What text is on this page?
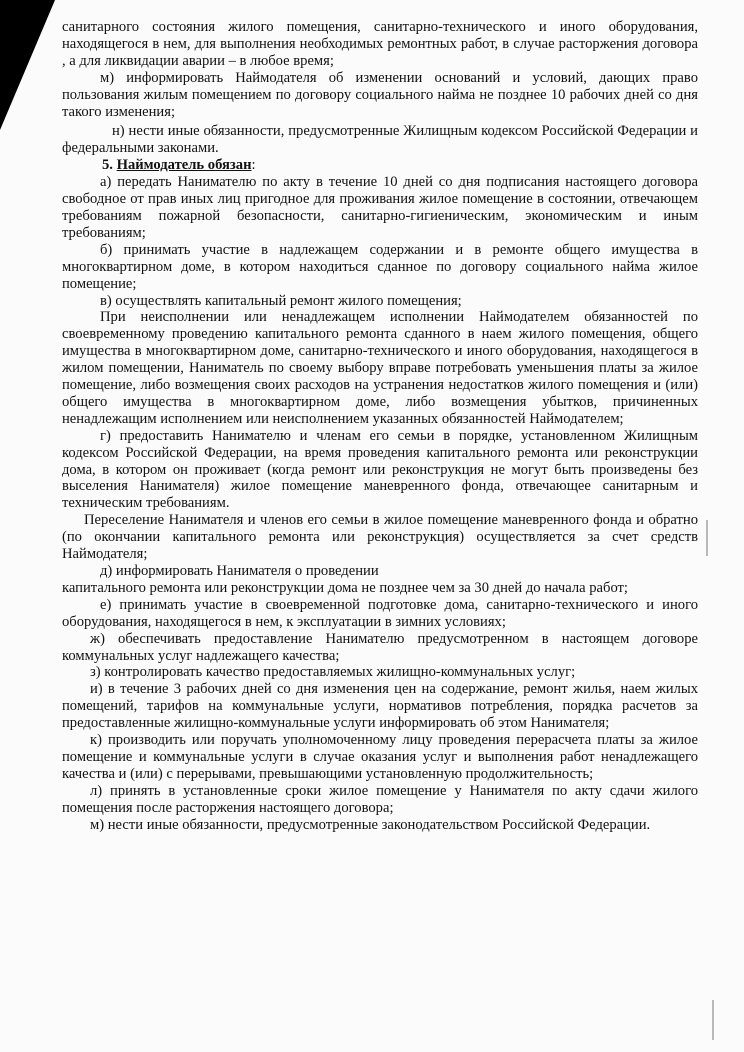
санитарного состояния жилого помещения, санитарно-технического и иного оборудования, находящегося в нем, для выполнения необходимых ремонтных работ, в случае расторжения договора , а для ликвидации аварии – в любое время;

м) информировать Наймодателя об изменении оснований и условий, дающих право пользования жилым помещением по договору социального найма не позднее 10 рабочих дней со дня такого изменения;

н) нести иные обязанности, предусмотренные Жилищным кодексом Российской Федерации и федеральными законами.

5. Наймодатель обязан:

а) передать Нанимателю по акту в течение 10 дней со дня подписания настоящего договора свободное от прав иных лиц пригодное для проживания жилое помещение в состоянии, отвечающем требованиям пожарной безопасности, санитарно-гигиеническим, экономическим и иным требованиям;

б) принимать участие в надлежащем содержании и в ремонте общего имущества в многоквартирном доме, в котором находиться сданное по договору социального найма жилое помещение;

в) осуществлять капитальный ремонт жилого помещения;

При неисполнении или ненадлежащем исполнении Наймодателем обязанностей по своевременному проведению капитального ремонта сданного в наем жилого помещения, общего имущества в многоквартирном доме, санитарно-технического и иного оборудования, находящегося в жилом помещении, Наниматель по своему выбору вправе потребовать уменьшения платы за жилое помещение, либо возмещения своих расходов на устранения недостатков жилого помещения и (или) общего имущества в многоквартирном доме, либо возмещения убытков, причиненных ненадлежащим исполнением или неисполнением указанных обязанностей Наймодателем;

г) предоставить Нанимателю и членам его семьи в порядке, установленном Жилищным кодексом Российской Федерации, на время проведения капитального ремонта или реконструкции дома, в котором он проживает (когда ремонт или реконструкция не могут быть произведены без выселения Нанимателя) жилое помещение маневренного фонда, отвечающее санитарным и техническим требованиям.

Переселение Нанимателя и членов его семьи в жилое помещение маневренного фонда и обратно (по окончании капитального ремонта или реконструкция) осуществляется за счет средств Наймодателя;

д) информировать Нанимателя о проведении

капитального ремонта или реконструкции дома не позднее чем за 30 дней до начала работ;

е) принимать участие в своевременной подготовке дома, санитарно-технического и иного оборудования, находящегося в нем, к эксплуатации в зимних условиях;

ж) обеспечивать предоставление Нанимателю предусмотренном в настоящем договоре коммунальных услуг надлежащего качества;

з) контролировать качество предоставляемых жилищно-коммунальных услуг;

и) в течение 3 рабочих дней со дня изменения цен на содержание, ремонт жилья, наем жилых помещений, тарифов на коммунальные услуги, нормативов потребления, порядка расчетов за предоставленные жилищно-коммунальные услуги информировать об этом Нанимателя;

к) производить или поручать уполномоченному лицу проведения перерасчета платы за жилое помещение и коммунальные услуги в случае оказания услуг и выполнения работ ненадлежащего качества и (или) с перерывами, превышающими установленную продолжительность;

л) принять в установленные сроки жилое помещение у Нанимателя по акту сдачи жилого помещения после расторжения настоящего договора;

м) нести иные обязанности, предусмотренные законодательством Российской Федерации.
